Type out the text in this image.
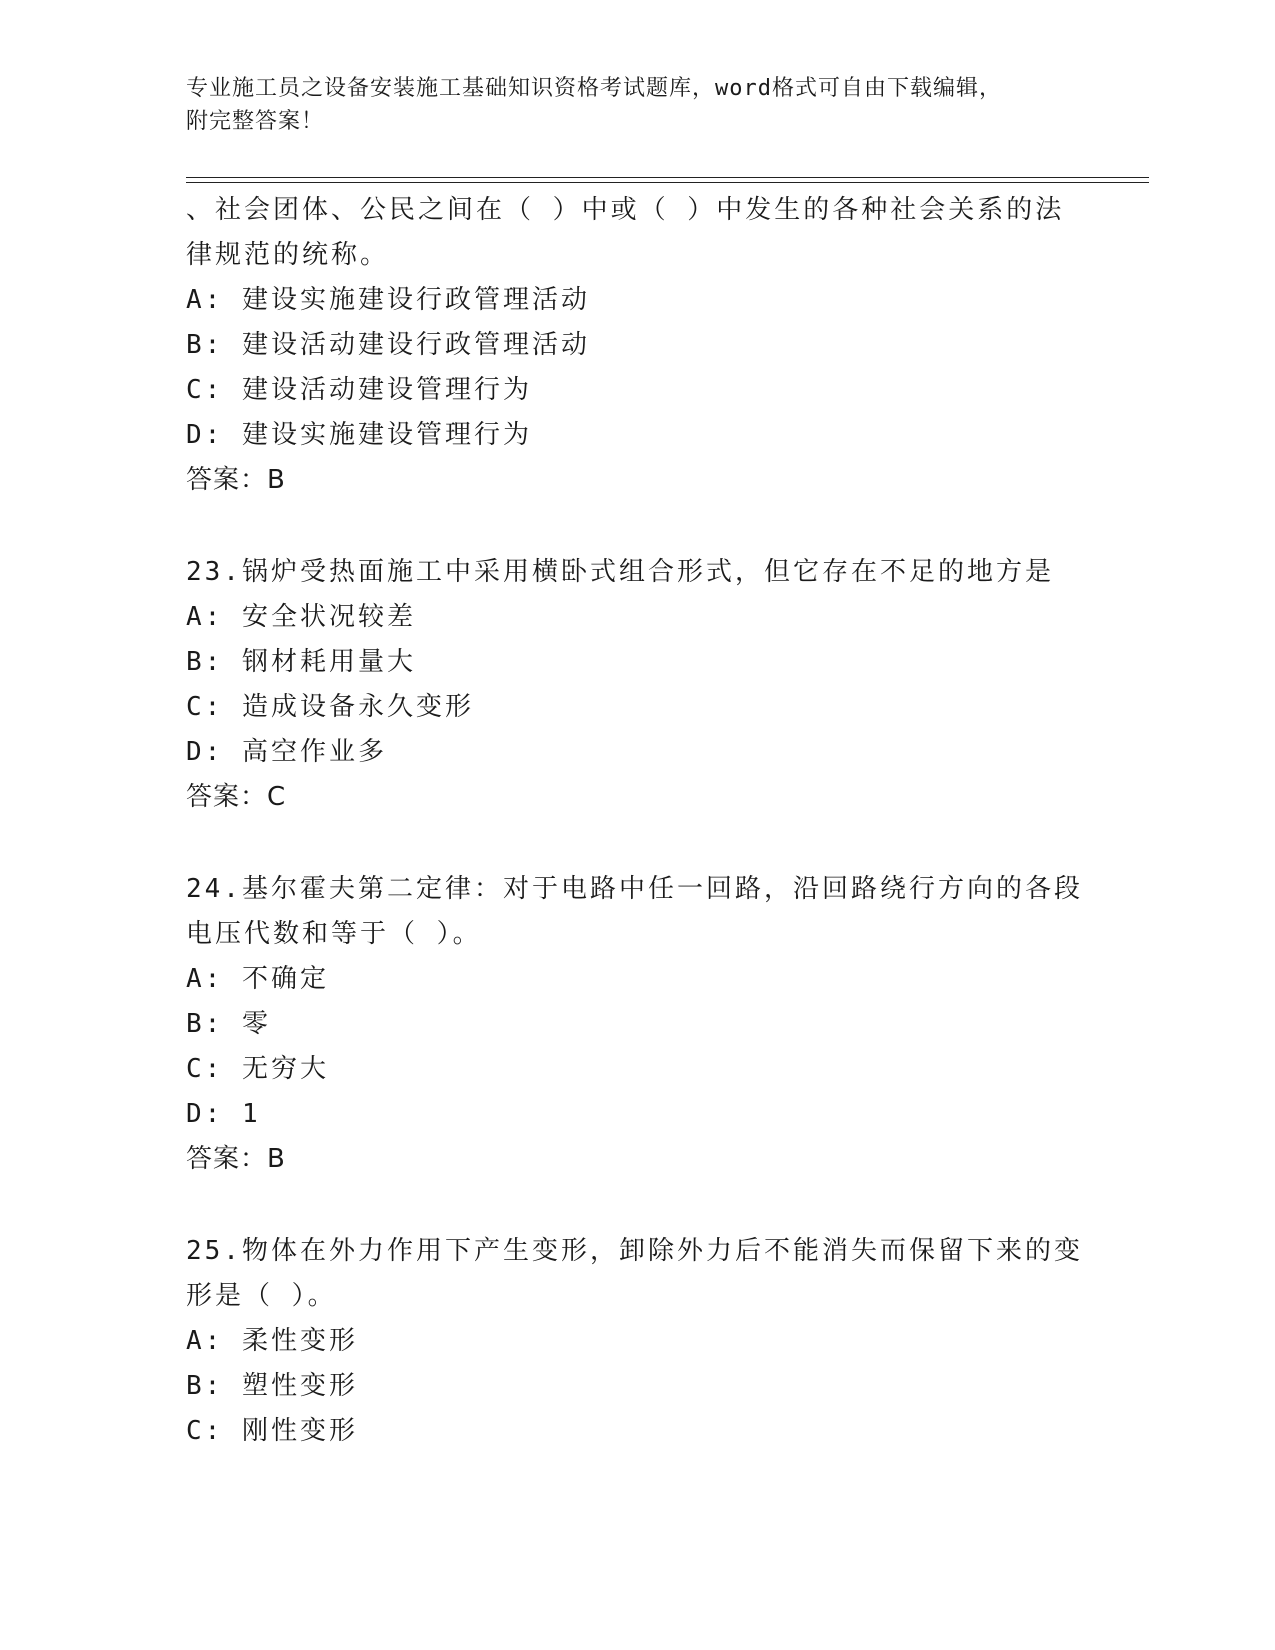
专业施工员之设备安装施工基础知识资格考试题库，word格式可自由下载编辑，
附完整答案！

、社会团体、公民之间在（ ）中或（ ）中发生的各种社会关系的法

律规范的统称。

A: 建设实施建设行政管理活动

B: 建设活动建设行政管理活动

C: 建设活动建设管理行为

D: 建设实施建设管理行为

答案：B

23.锅炉受热面施工中采用横卧式组合形式，但它存在不足的地方是

A: 安全状况较差

B: 钢材耗用量大

C: 造成设备永久变形

D: 高空作业多

答案：C

24.基尔霍夫第二定律：对于电路中任一回路，沿回路绕行方向的各段

电压代数和等于（ ）。

A: 不确定

B: 零

C: 无穷大

D: 1

答案：B

25.物体在外力作用下产生变形，卸除外力后不能消失而保留下来的变

形是（ ）。

A: 柔性变形

B: 塑性变形

C: 刚性变形
